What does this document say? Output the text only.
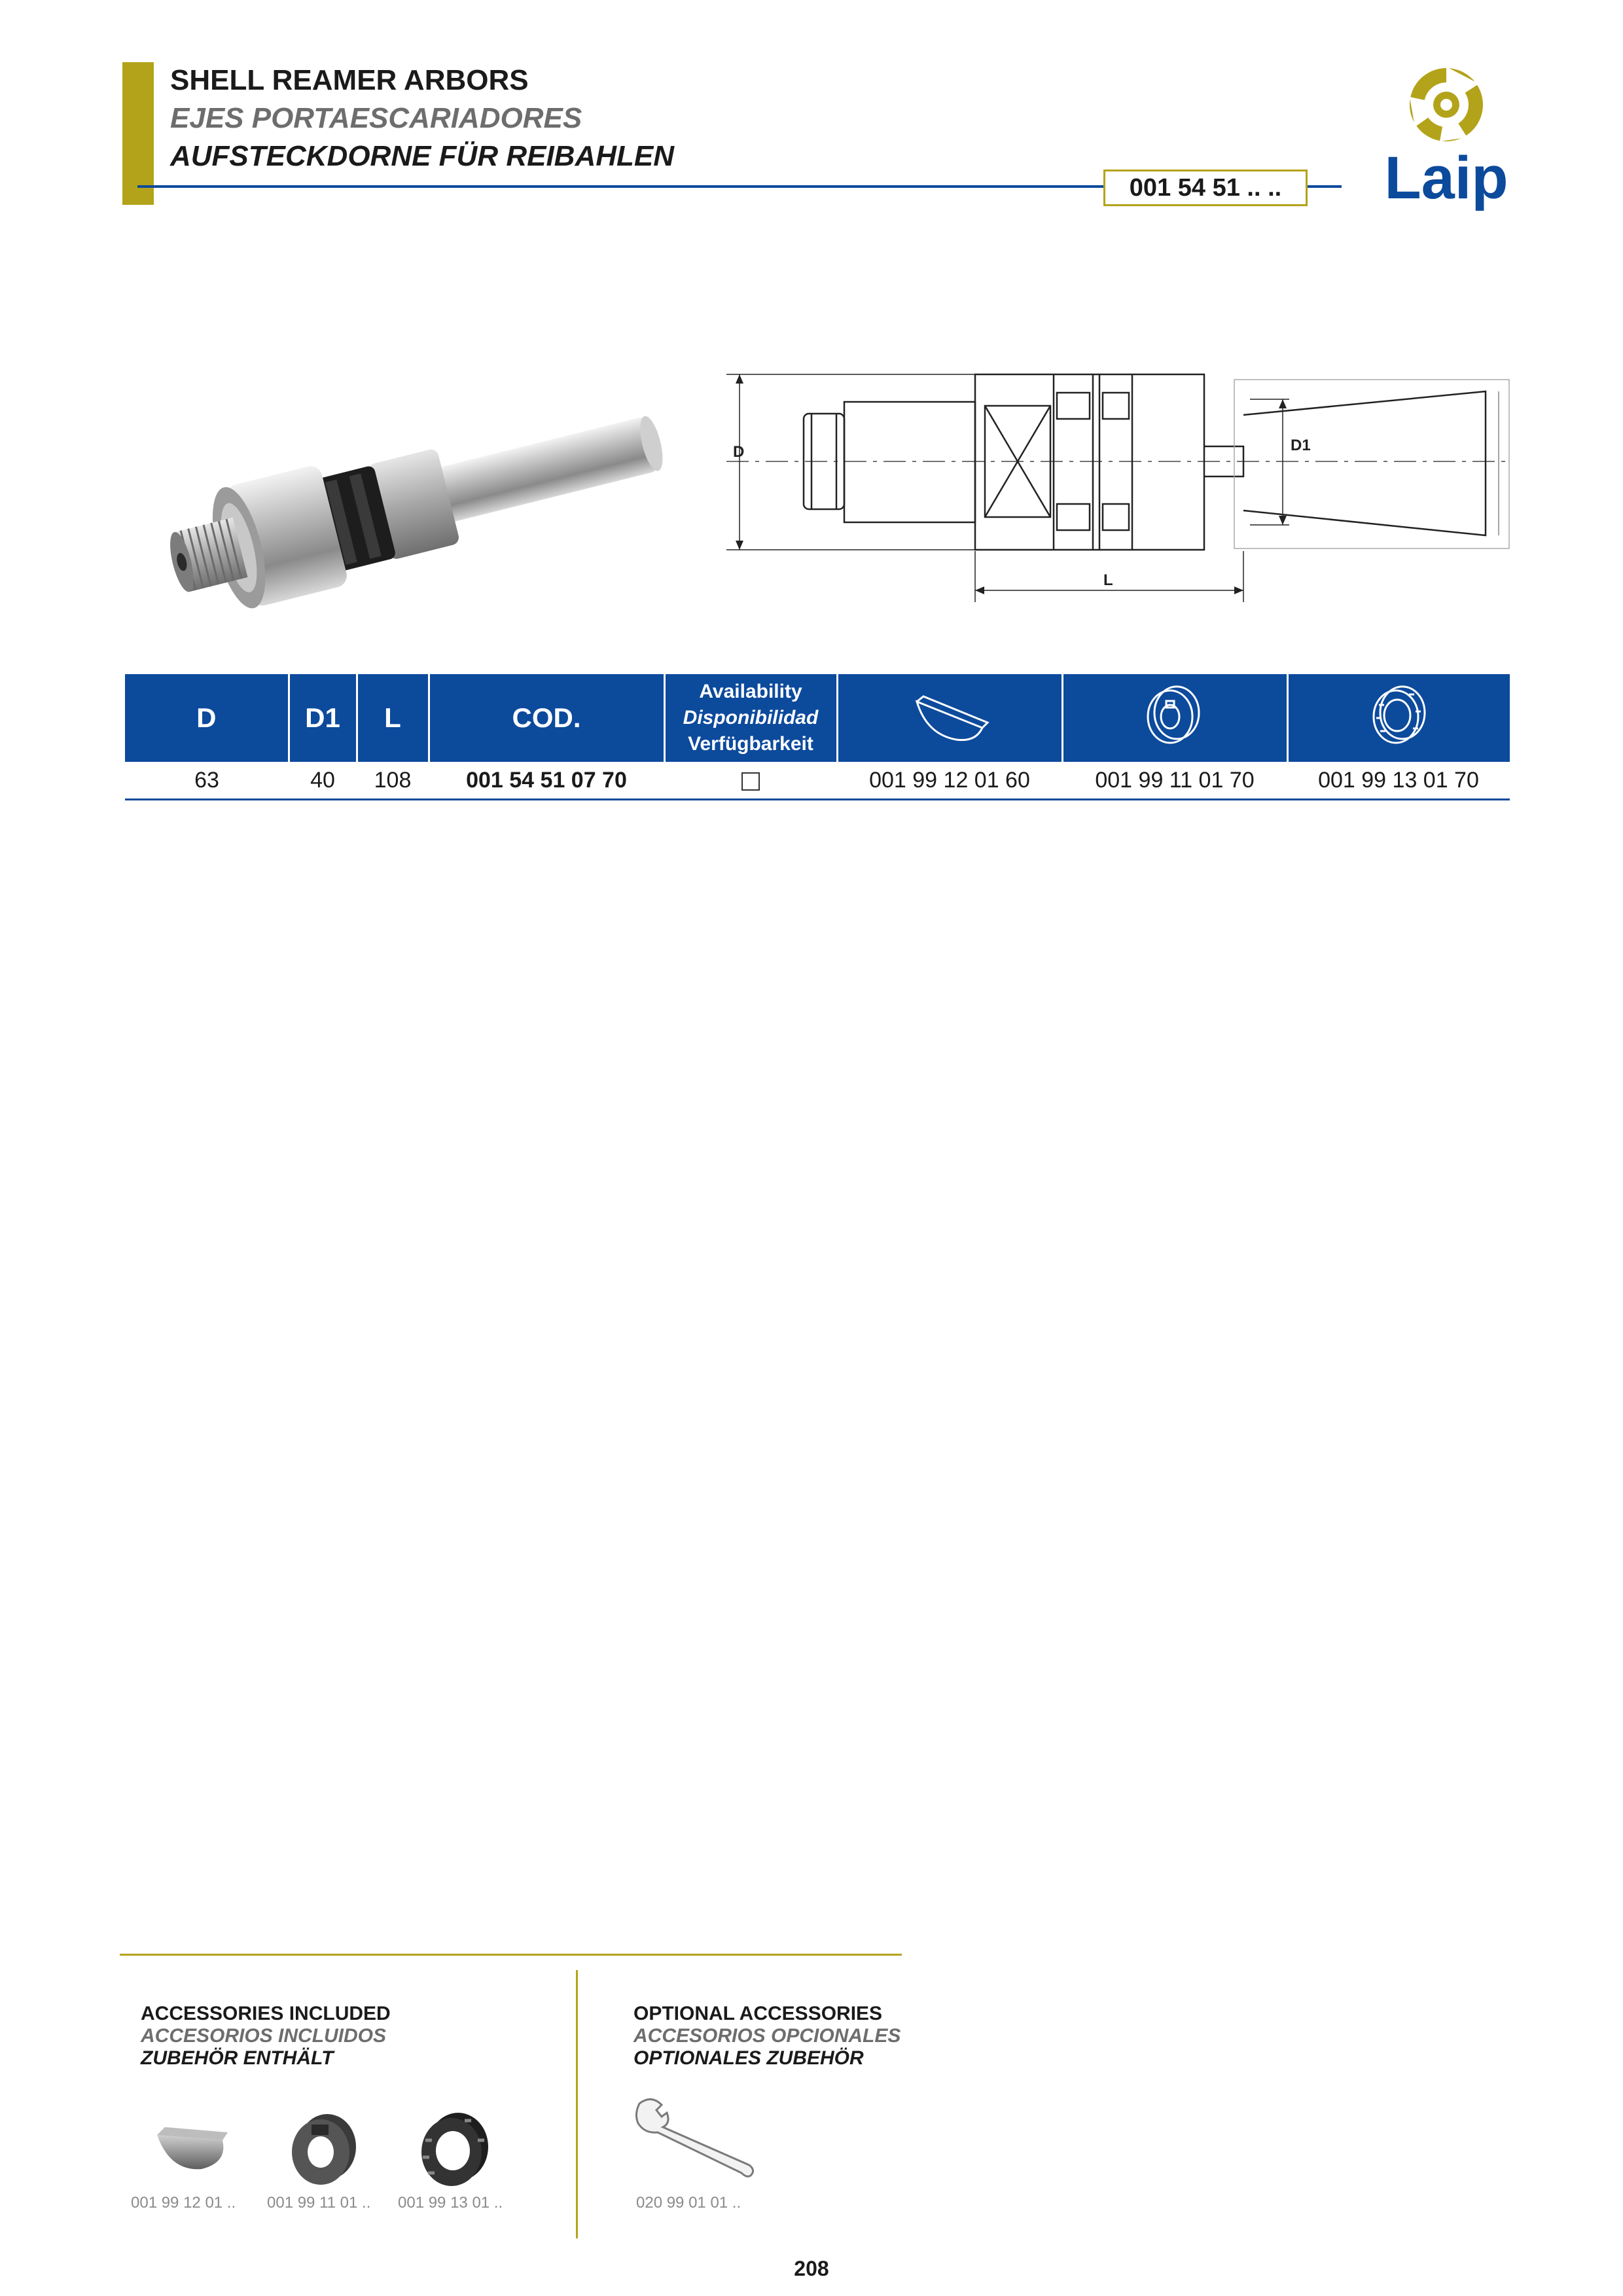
SHELL REAMER ARBORS
EJES PORTAESCARIADORES
AUFSTECKDORNE FÜR REIBAHLEN
001 54 51 .. ..	Laip
D	D1
L
D	D1	L	COD.	Availability
Disponibilidad
Verfügbarkeit

63	40	108	001 54 51 07 70		001 99 12 01 60	001 99 11 01 70	001 99 13 01 70
ACCESSORIES INCLUDED
ACCESORIOS INCLUIDOS
ZUBEHÖR ENTHÄLT
001 99 12 01 .. 001 99 11 01 .. 001 99 13 01 ..
OPTIONAL ACCESSORIES
ACCESORIOS OPCIONALES
OPTIONALES ZUBEHÖR
020 99 01 01 ..
208
